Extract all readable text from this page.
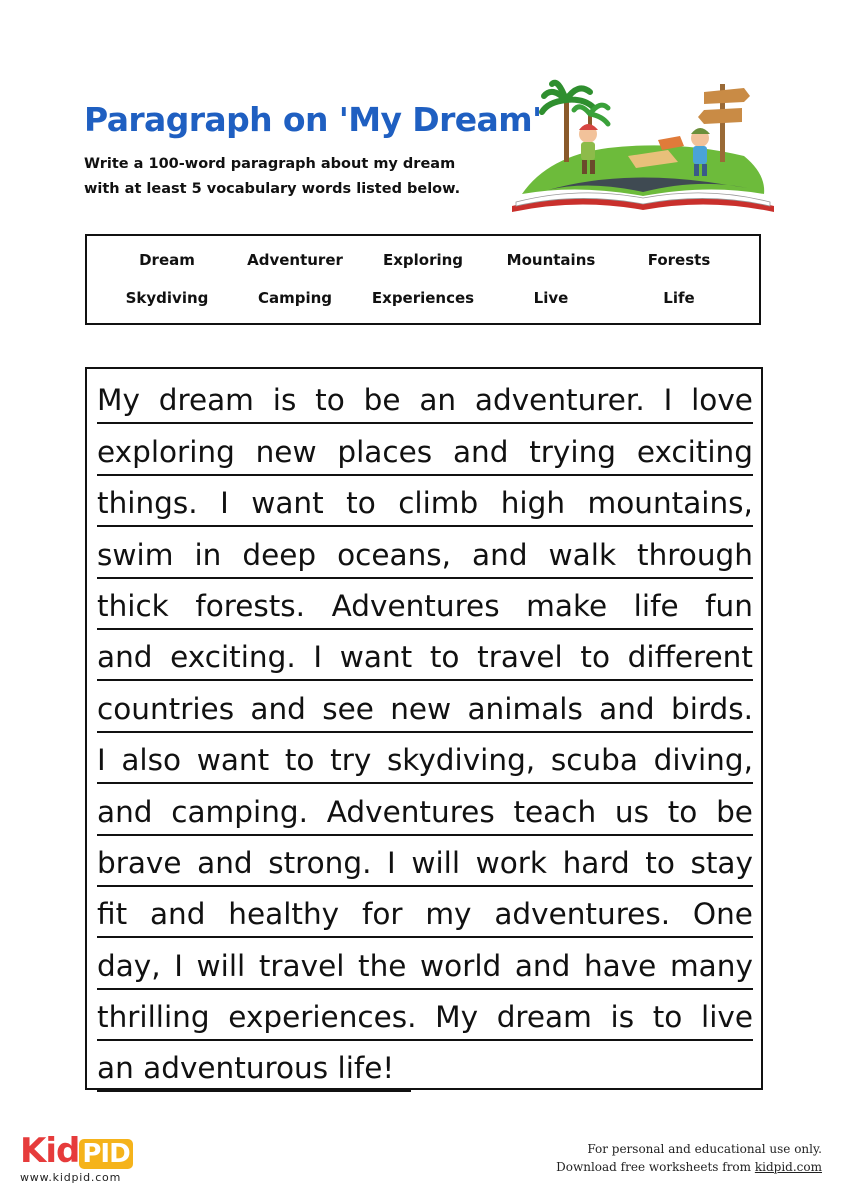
Paragraph on 'My Dream'
Write a 100-word paragraph about my dream
with at least 5 vocabulary words listed below.
Dream	Adventurer	Exploring	Mountains	Forests
Skydiving	Camping	Experiences	Live	Life
My dream is to be an adventurer. I love
exploring new places and trying exciting
things. I want to climb high mountains,
swim in deep oceans, and walk through
thick forests. Adventures make life fun
and exciting. I want to travel to different
countries and see new animals and birds.
I also want to try skydiving, scuba diving,
and camping. Adventures teach us to be
brave and strong. I will work hard to stay
fit and healthy for my adventures. One
day, I will travel the world and have many
thrilling experiences. My dream is to live
an adventurous life!
Kid PID
www.kidpid.com
For personal and educational use only.
Download free worksheets from kidpid.com
